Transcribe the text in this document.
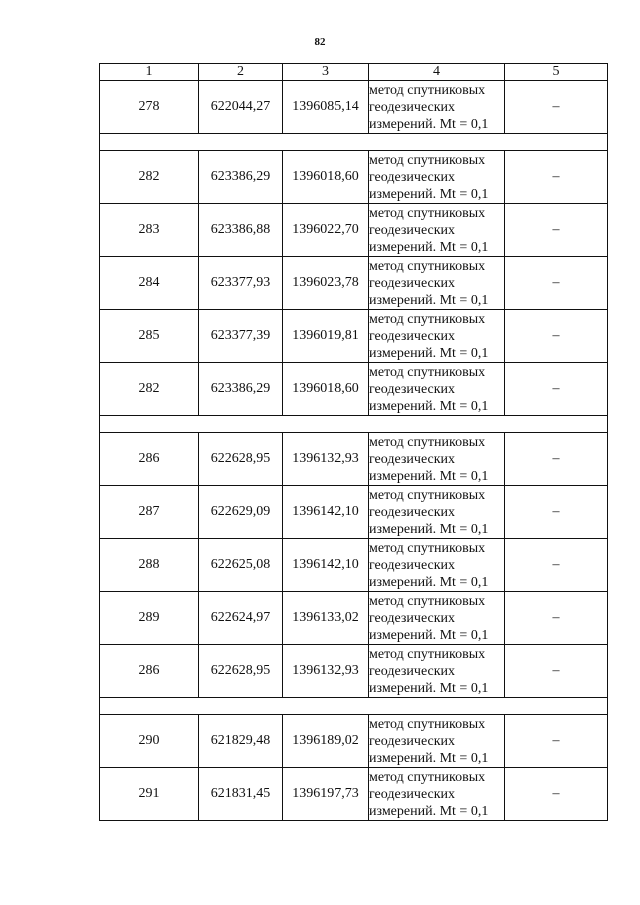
82
1	2	3	4	5
278	622044,27	1396085,14	метод спутниковых
геодезических
измерений. Mt = 0,1	–

282	623386,29	1396018,60	метод спутниковых
геодезических
измерений. Mt = 0,1	–
283	623386,88	1396022,70	метод спутниковых
геодезических
измерений. Mt = 0,1	–
284	623377,93	1396023,78	метод спутниковых
геодезических
измерений. Mt = 0,1	–
285	623377,39	1396019,81	метод спутниковых
геодезических
измерений. Mt = 0,1	–
282	623386,29	1396018,60	метод спутниковых
геодезических
измерений. Mt = 0,1	–

286	622628,95	1396132,93	метод спутниковых
геодезических
измерений. Mt = 0,1	–
287	622629,09	1396142,10	метод спутниковых
геодезических
измерений. Mt = 0,1	–
288	622625,08	1396142,10	метод спутниковых
геодезических
измерений. Mt = 0,1	–
289	622624,97	1396133,02	метод спутниковых
геодезических
измерений. Mt = 0,1	–
286	622628,95	1396132,93	метод спутниковых
геодезических
измерений. Mt = 0,1	–

290	621829,48	1396189,02	метод спутниковых
геодезических
измерений. Mt = 0,1	–
291	621831,45	1396197,73	метод спутниковых
геодезических
измерений. Mt = 0,1	–
